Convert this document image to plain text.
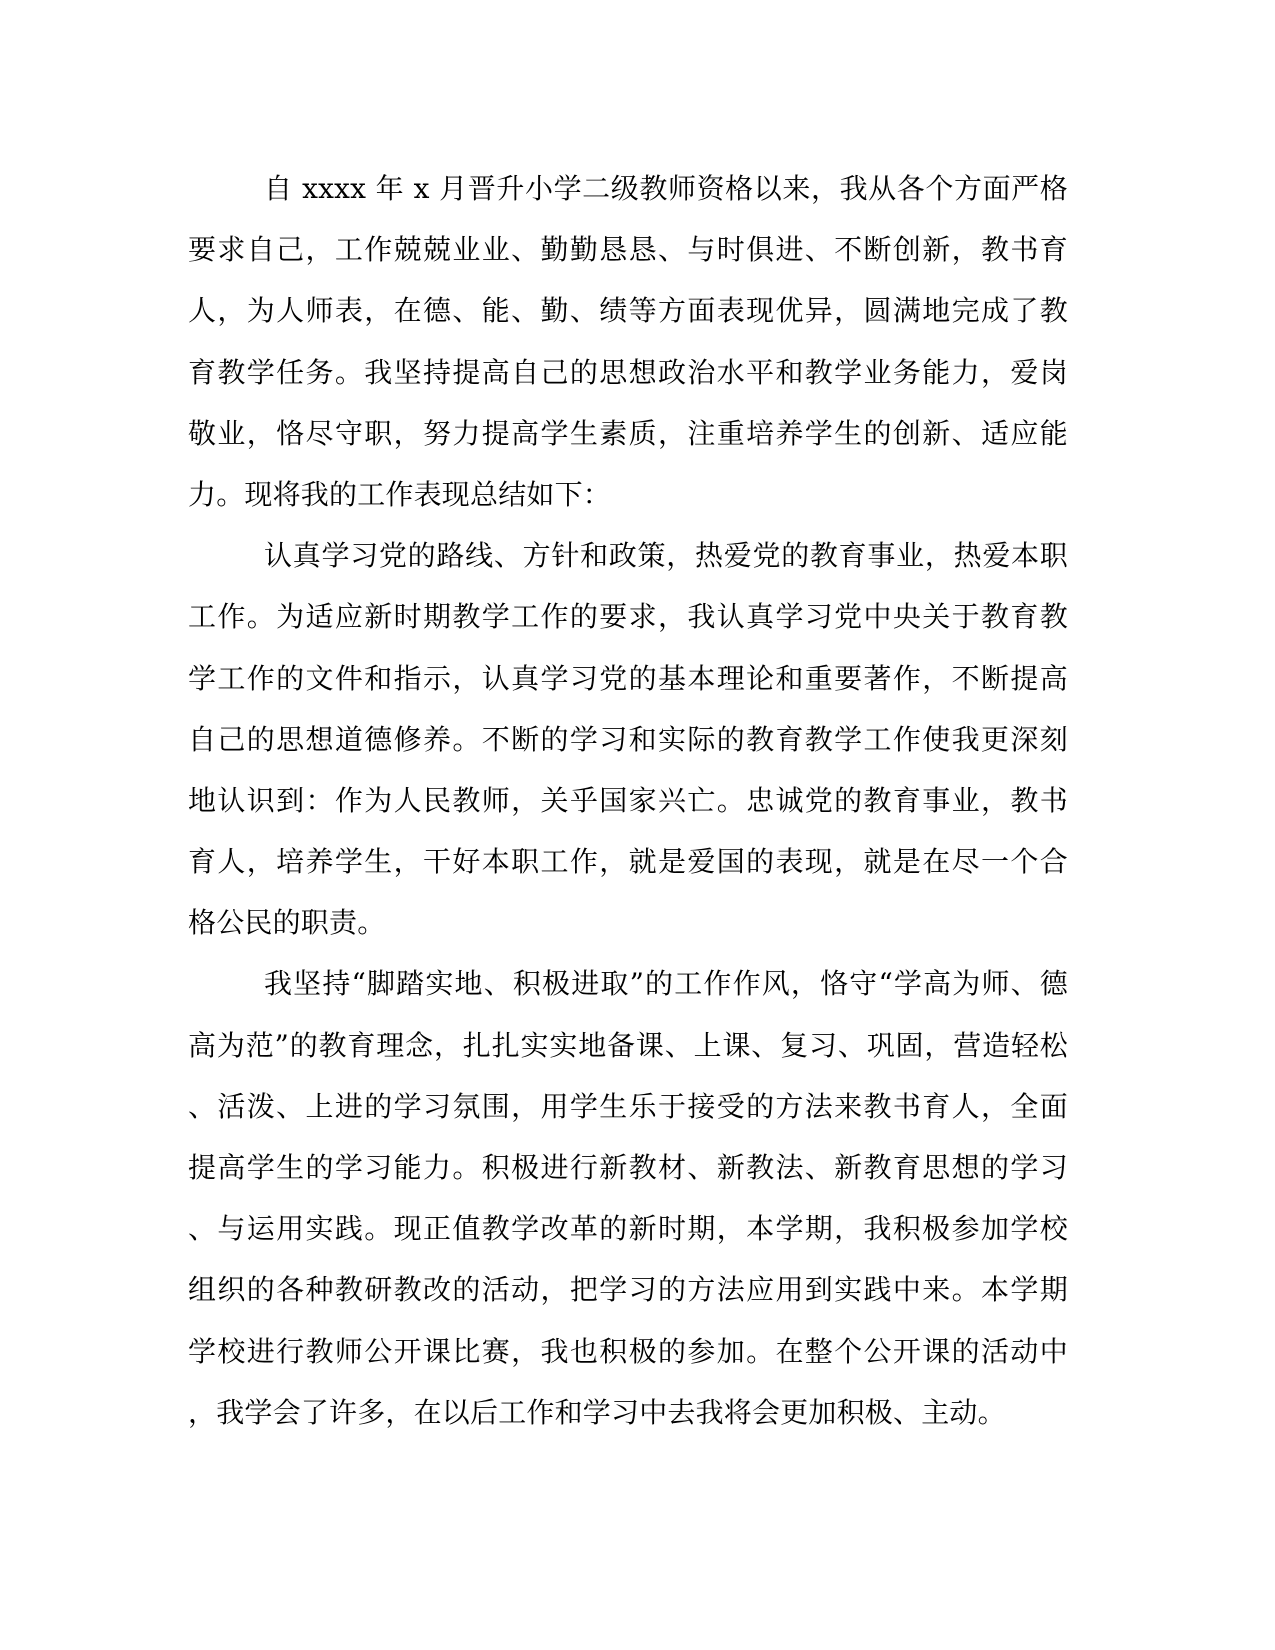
自 xxxx 年 x 月晋升小学二级教师资格以来，我从各个方面严格
要求自己，工作兢兢业业、勤勤恳恳、与时俱进、不断创新，教书育
人，为人师表，在德、能、勤、绩等方面表现优异，圆满地完成了教
育教学任务。我坚持提高自己的思想政治水平和教学业务能力，爱岗
敬业，恪尽守职，努力提高学生素质，注重培养学生的创新、适应能
力。现将我的工作表现总结如下：
认真学习党的路线、方针和政策，热爱党的教育事业，热爱本职
工作。为适应新时期教学工作的要求，我认真学习党中央关于教育教
学工作的文件和指示，认真学习党的基本理论和重要著作，不断提高
自己的思想道德修养。不断的学习和实际的教育教学工作使我更深刻
地认识到：作为人民教师，关乎国家兴亡。忠诚党的教育事业，教书
育人，培养学生，干好本职工作，就是爱国的表现，就是在尽一个合
格公民的职责。
我坚持“脚踏实地、积极进取”的工作作风，恪守“学高为师、德
高为范”的教育理念，扎扎实实地备课、上课、复习、巩固，营造轻松
、活泼、上进的学习氛围，用学生乐于接受的方法来教书育人，全面
提高学生的学习能力。积极进行新教材、新教法、新教育思想的学习
、与运用实践。现正值教学改革的新时期，本学期，我积极参加学校
组织的各种教研教改的活动，把学习的方法应用到实践中来。本学期
学校进行教师公开课比赛，我也积极的参加。在整个公开课的活动中
，我学会了许多，在以后工作和学习中去我将会更加积极、主动。
